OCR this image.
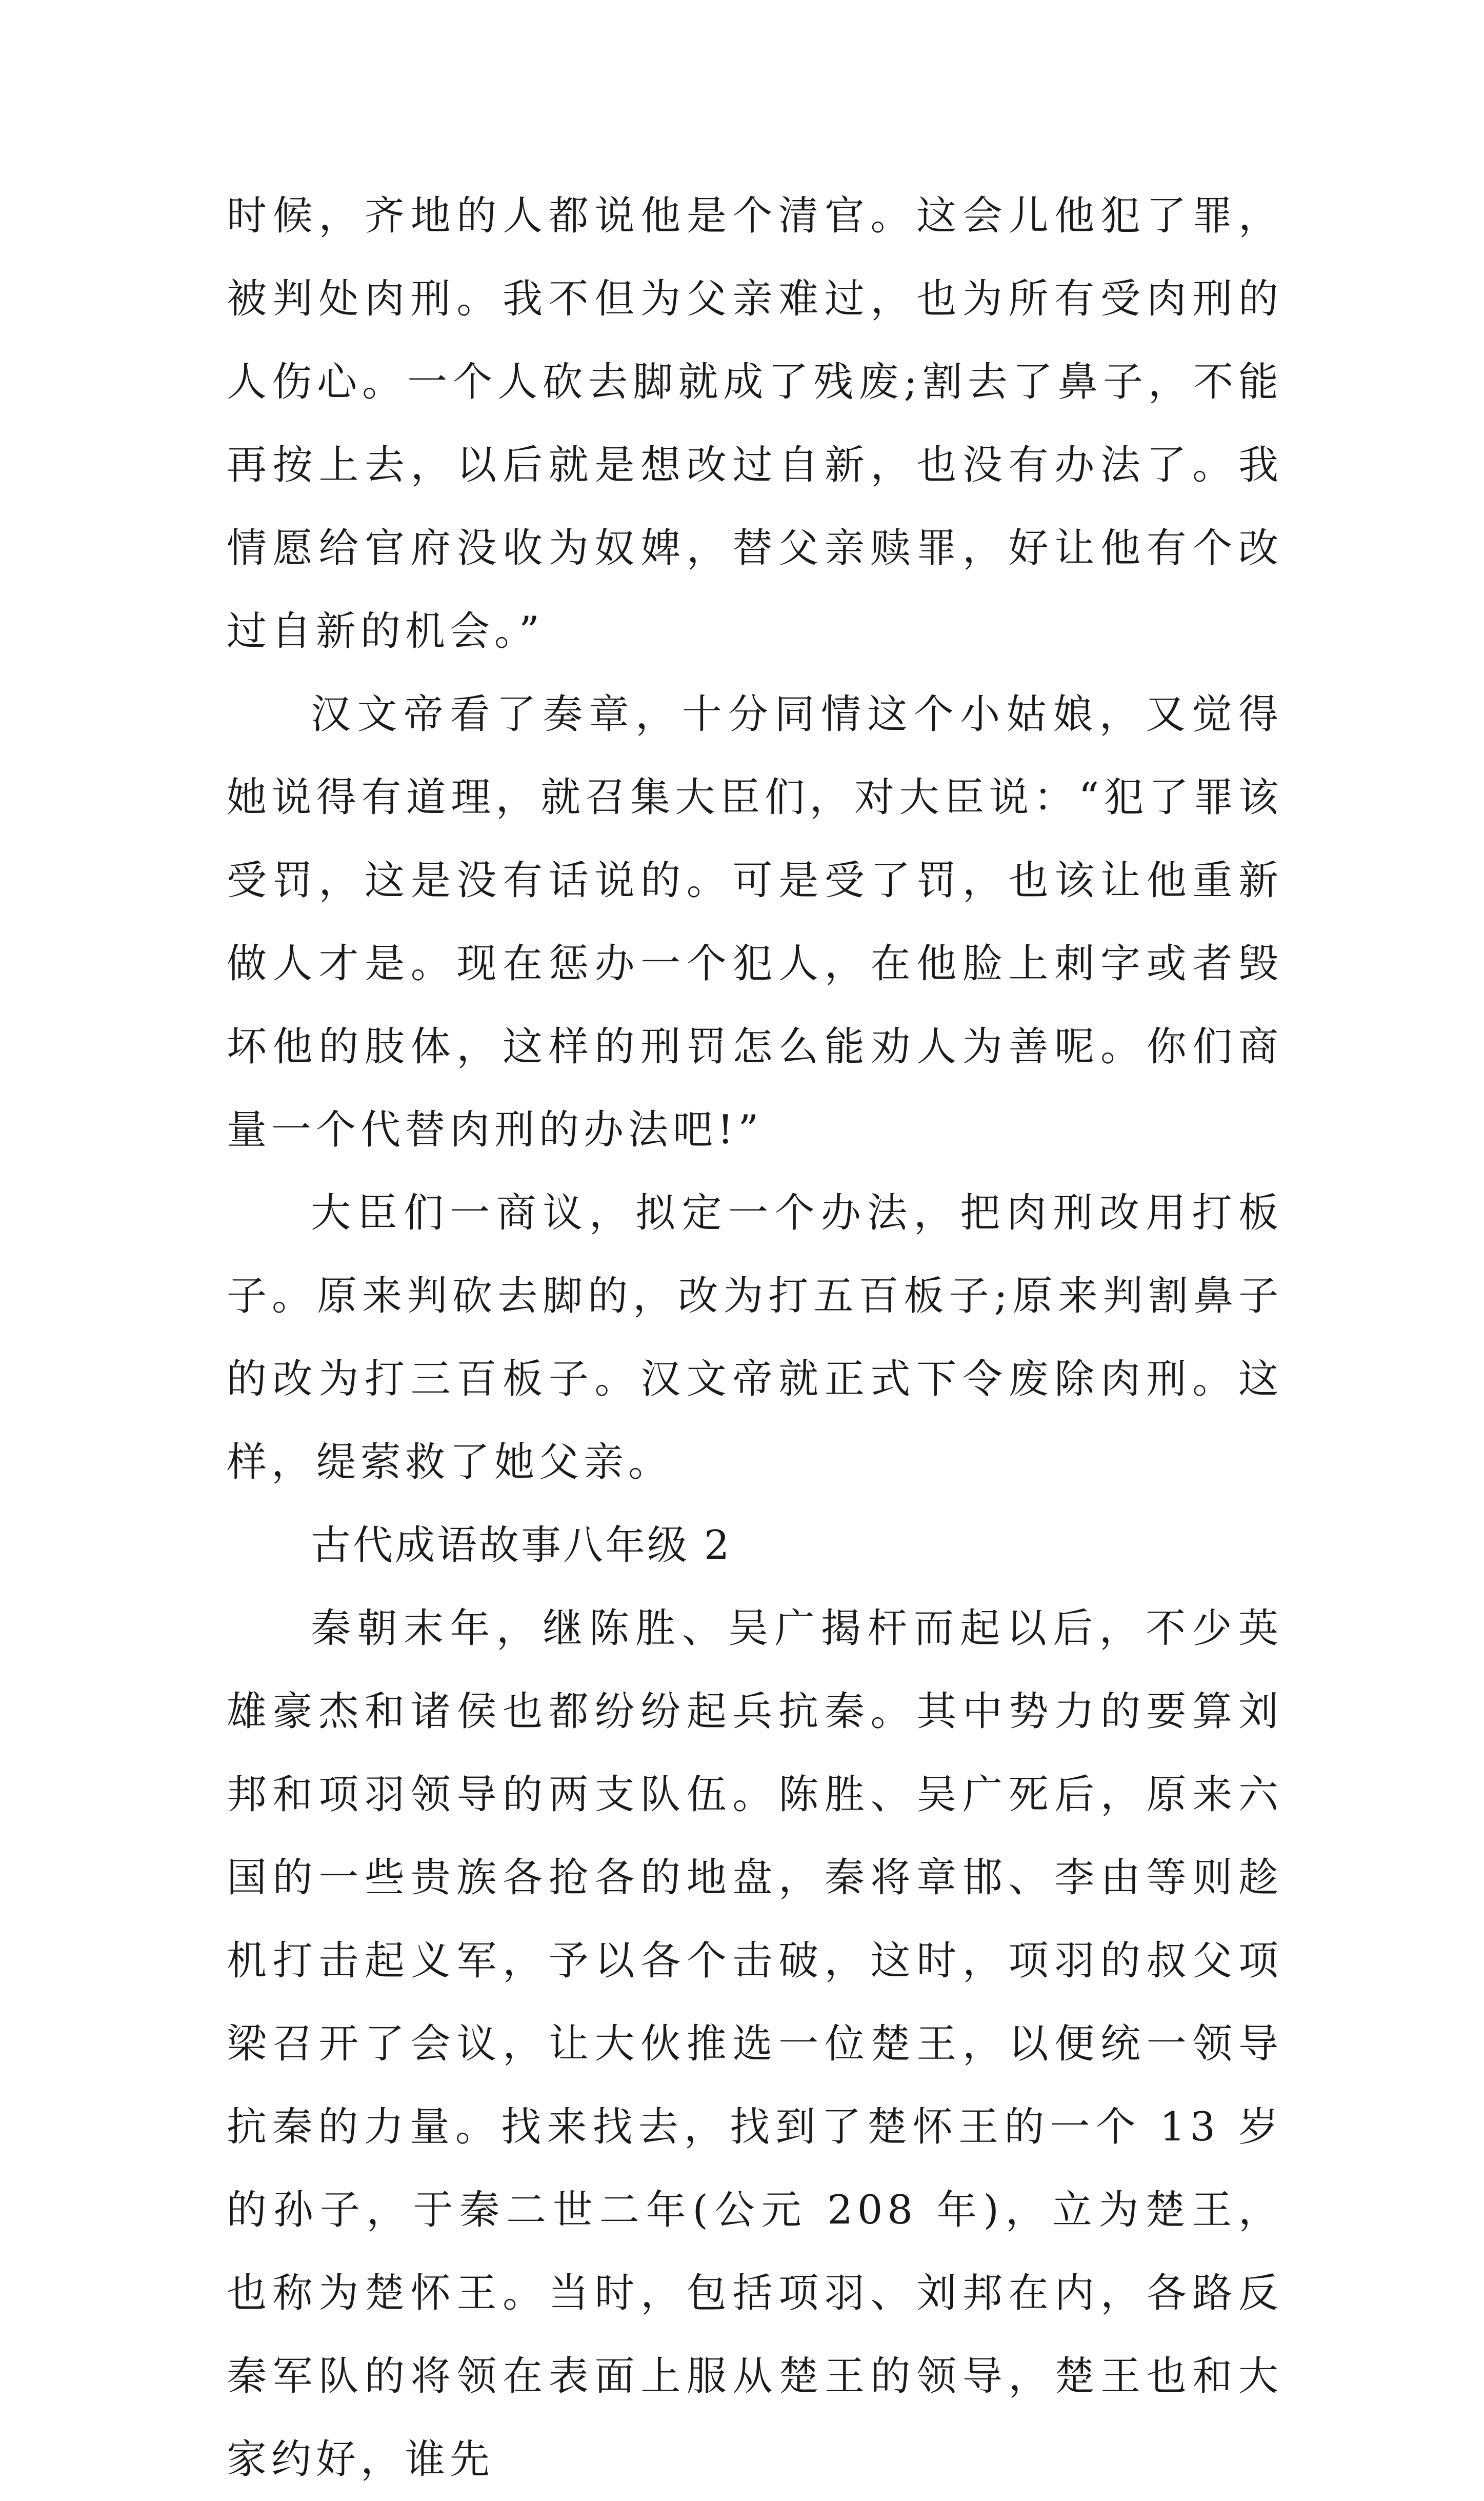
时候，齐地的人都说他是个清官。这会儿他犯了罪，被判处肉刑。我不但为父亲难过，也为所有受肉刑的人伤心。一个人砍去脚就成了残废;割去了鼻子，不能再按上去，以后就是想改过自新，也没有办法了。我情愿给官府没收为奴婢，替父亲赎罪，好让他有个改过自新的机会。”

汉文帝看了奏章，十分同情这个小姑娘，又觉得她说得有道理，就召集大臣们，对大臣说：“犯了罪该受罚，这是没有话说的。可是受了罚，也该让他重新做人才是。现在惩办一个犯人，在他脸上刺字或者毁坏他的肢体，这样的刑罚怎么能劝人为善呢。你们商量一个代替肉刑的办法吧!”

大臣们一商议，拟定一个办法，把肉刑改用打板子。原来判砍去脚的，改为打五百板子;原来判割鼻子的改为打三百板子。汉文帝就正式下令废除肉刑。这样，缇萦救了她父亲。

古代成语故事八年级 2

秦朝末年，继陈胜、吴广揭杆而起以后，不少英雄豪杰和诸侯也都纷纷起兵抗秦。其中势力的要算刘邦和项羽领导的两支队伍。陈胜、吴广死后，原来六国的一些贵族各抢各的地盘，秦将章邯、李由等则趁机打击起义军，予以各个击破，这时，项羽的叔父项梁召开了会议，让大伙推选一位楚王，以便统一领导抗秦的力量。找来找去，找到了楚怀王的一个 13 岁的孙子，于秦二世二年(公元 208 年)，立为楚王，也称为楚怀王。当时，包括项羽、刘邦在内，各路反秦军队的将领在表面上服从楚王的领导，楚王也和大家约好，谁先
